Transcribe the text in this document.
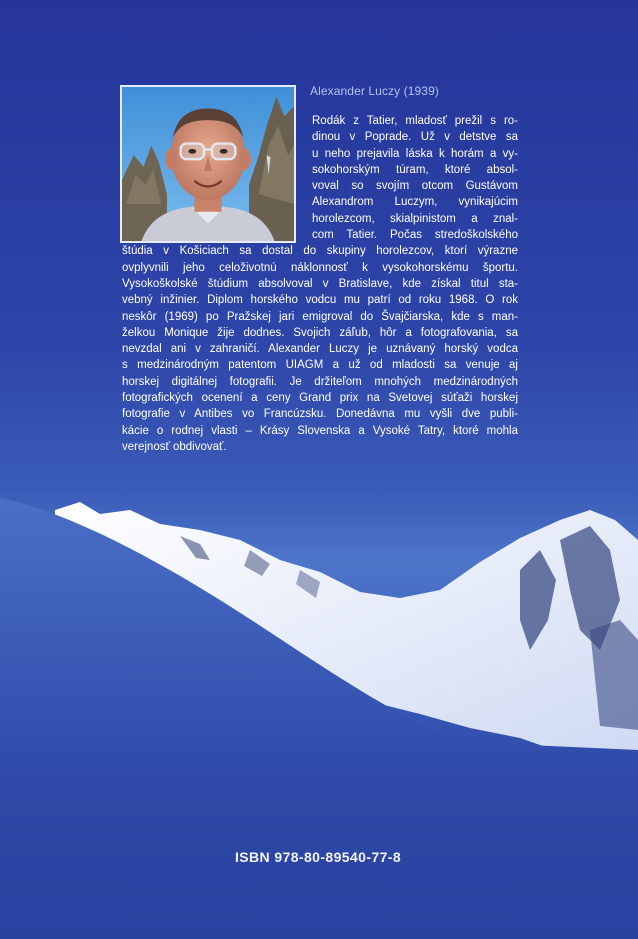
Alexander Luczy (1939)
Rodák z Tatier, mladosť prežil s ro-
dinou v Poprade. Už v detstve sa
u neho prejavila láska k horám a vy-
sokohorským túram, ktoré absol-
voval so svojím otcom Gustávom
Alexandrom Luczym, vynikajúcim
horolezcom, skialpinistom a znal-
com Tatier. Počas stredoškolského
štúdia v Košiciach sa dostal do skupiny horolezcov, ktorí výrazne
ovplyvnili jeho celoživotnú náklonnosť k vysokohorskému športu.
Vysokoškolské štúdium absolvoval v Bratislave, kde získal titul sta-
vebný inžinier. Diplom horského vodcu mu patrí od roku 1968. O rok
neskôr (1969) po Pražskej jari emigroval do Švajčiarska, kde s man-
želkou Monique žije dodnes. Svojich záľub, hôr a fotografovania, sa
nevzdal ani v zahraničí. Alexander Luczy je uznávaný horský vodca
s medzinárodným patentom UIAGM a už od mladosti sa venuje aj
horskej digitálnej fotografii. Je držiteľom mnohých medzinárodných
fotografických ocenení a ceny Grand prix na Svetovej súťaži horskej
fotografie v Antibes vo Francúzsku. Donedávna mu vyšli dve publi-
kácie o rodnej vlasti – Krásy Slovenska a Vysoké Tatry, ktoré mohla
verejnosť obdivovať.
ISBN 978-80-89540-77-8
